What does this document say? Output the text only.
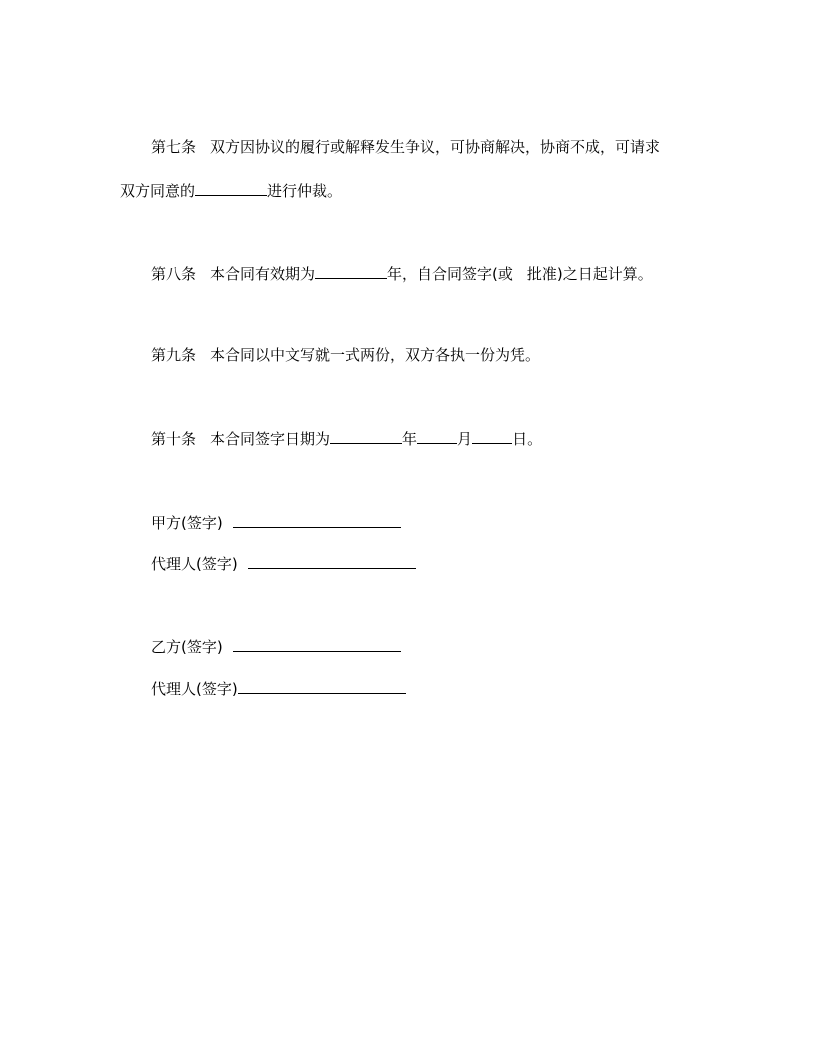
第七条 双方因协议的履行或解释发生争议，可协商解决，协商不成，可请求
双方同意的	进行仲裁。
第八条 本合同有效期为	年，自合同签字(或 批准)之日起计算。
第九条 本合同以中文写就一式两份，双方各执一份为凭。
第十条 本合同签字日期为	年	月	日。
甲方(签字)
代理人(签字)
乙方(签字)
代理人(签字)
